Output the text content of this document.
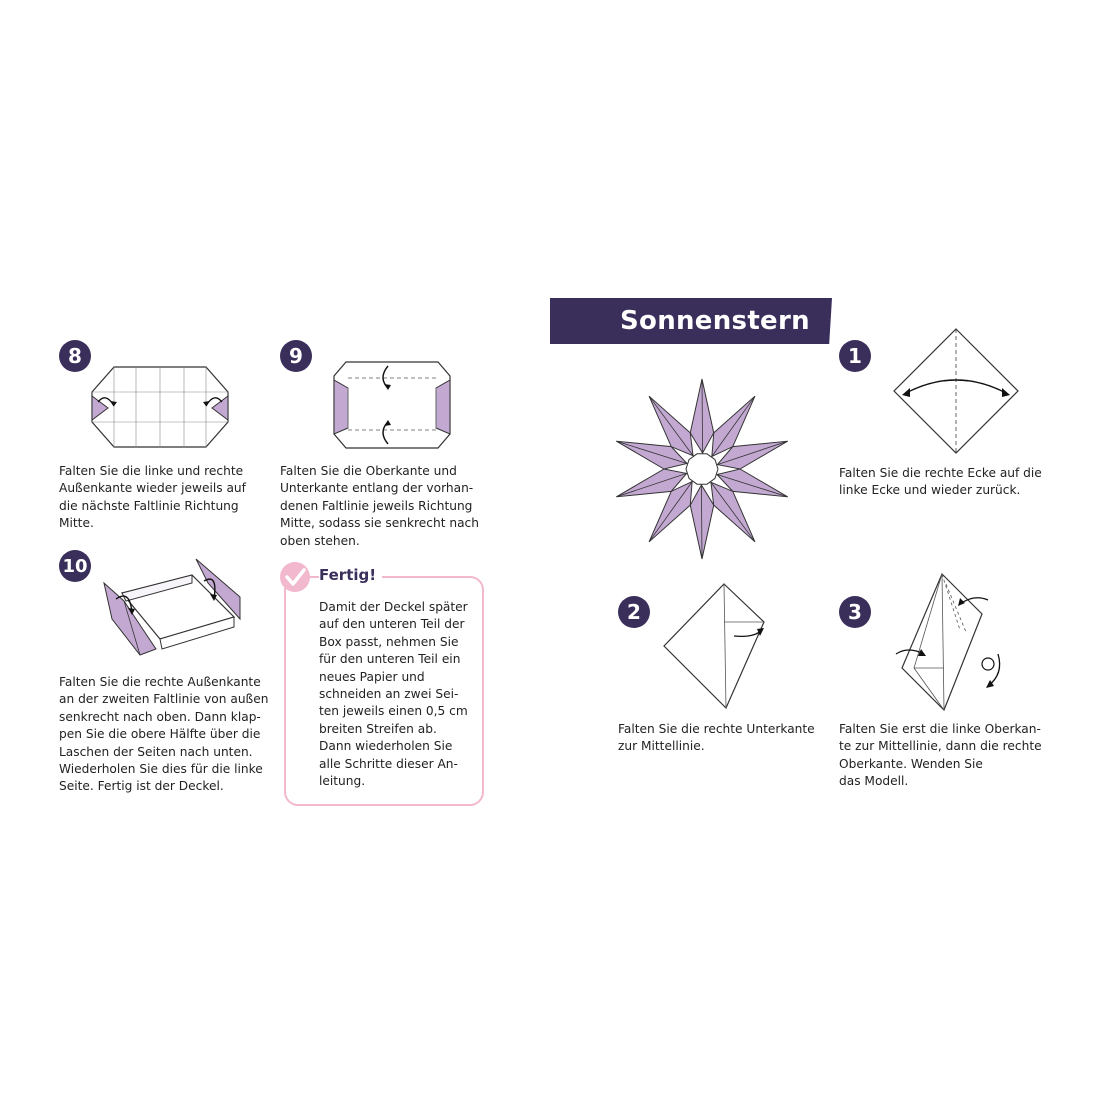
8
Falten Sie die linke und rechte
Außenkante wieder jeweils auf
die nächste Faltlinie Richtung
Mitte.
9
Falten Sie die Oberkante und
Unterkante entlang der vorhan-
denen Faltlinie jeweils Richtung
Mitte, sodass sie senkrecht nach
oben stehen.
10
Falten Sie die rechte Außenkante
an der zweiten Faltlinie von außen
senkrecht nach oben. Dann klap-
pen Sie die obere Hälfte über die
Laschen der Seiten nach unten.
Wiederholen Sie dies für die linke
Seite. Fertig ist der Deckel.
Fertig!
Damit der Deckel später
auf den unteren Teil der
Box passt, nehmen Sie
für den unteren Teil ein
neues Papier und
schneiden an zwei Sei-
ten jeweils einen 0,5 cm
breiten Streifen ab.
Dann wiederholen Sie
alle Schritte dieser An-
leitung.
Sonnenstern
1
Falten Sie die rechte Ecke auf die
linke Ecke und wieder zurück.
2
Falten Sie die rechte Unterkante
zur Mittellinie.
3
Falten Sie erst die linke Oberkan-
te zur Mittellinie, dann die rechte
Oberkante. Wenden Sie
das Modell.
